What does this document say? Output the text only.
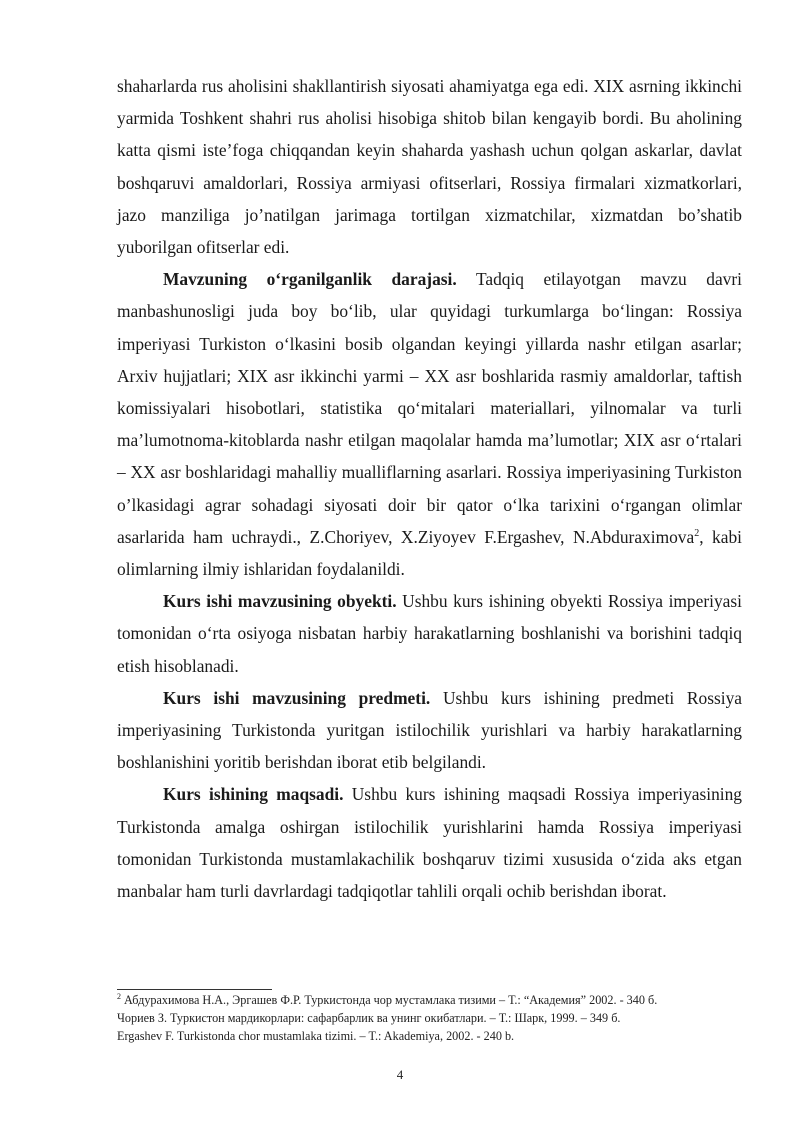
shaharlarda rus aholisini shakllantirish siyosati ahamiyatga ega edi. XIX asrning ikkinchi yarmida Toshkent shahri rus aholisi hisobiga shitob bilan kengayib bordi. Bu aholining katta qismi iste’foga chiqqandan keyin shaharda yashash uchun qolgan askarlar, davlat boshqaruvi amaldorlari, Rossiya armiyasi ofitserlari, Rossiya firmalari xizmatkorlari, jazo manziliga jo’natilgan jarimaga tortilgan xizmatchilar, xizmatdan bo’shatib yuborilgan ofitserlar edi.

Mavzuning o‘rganilganlik darajasi. Tadqiq etilayotgan mavzu davri manbashunosligi juda boy bo‘lib, ular quyidagi turkumlarga bo‘lingan: Rossiya imperiyasi Turkiston o‘lkasini bosib olgandan keyingi yillarda nashr etilgan asarlar; Arxiv hujjatlari; XIX asr ikkinchi yarmi – XX asr boshlarida rasmiy amaldorlar, taftish komissiyalari hisobotlari, statistika qo‘mitalari materiallari, yilnomalar va turli ma’lumotnoma-kitoblarda nashr etilgan maqolalar hamda ma’lumotlar; XIX asr o‘rtalari – XX asr boshlaridagi mahalliy mualliflarning asarlari. Rossiya imperiyasining Turkiston o’lkasidagi agrar sohadagi siyosati doir bir qator o‘lka tarixini o‘rgangan olimlar asarlarida ham uchraydi., Z.Choriyev, X.Ziyoyev F.Ergashev, N.Abduraximova$^2$, kabi olimlarning ilmiy ishlaridan foydalanildi.

Kurs ishi mavzusining obyekti. Ushbu kurs ishining obyekti Rossiya imperiyasi tomonidan o‘rta osiyoga nisbatan harbiy harakatlarning boshlanishi va borishini tadqiq etish hisoblanadi.

Kurs ishi mavzusining predmeti. Ushbu kurs ishining predmeti Rossiya imperiyasining Turkistonda yuritgan istilochilik yurishlari va harbiy harakatlarning boshlanishini yoritib berishdan iborat etib belgilandi.

Kurs ishining maqsadi. Ushbu kurs ishining maqsadi Rossiya imperiyasining Turkistonda amalga oshirgan istilochilik yurishlarini hamda Rossiya imperiyasi tomonidan Turkistonda mustamlakachilik boshqaruv tizimi xususida o‘zida aks etgan manbalar ham turli davrlardagi tadqiqotlar tahlili orqali ochib berishdan iborat.

$^2$ Абдурахимова Н.А., Эргашев Ф.Р. Туркистонда чор мустамлака тизими – Т.: “Академия” 2002. - 340 б.
Чориев З. Туркистон мардикорлари: сафарбарлик ва унинг окибатлари. – Т.: Шарк, 1999. – 349 б.
Ergashev F. Turkistonda chor mustamlaka tizimi. – T.: Akademiya, 2002. - 240 b.
4
